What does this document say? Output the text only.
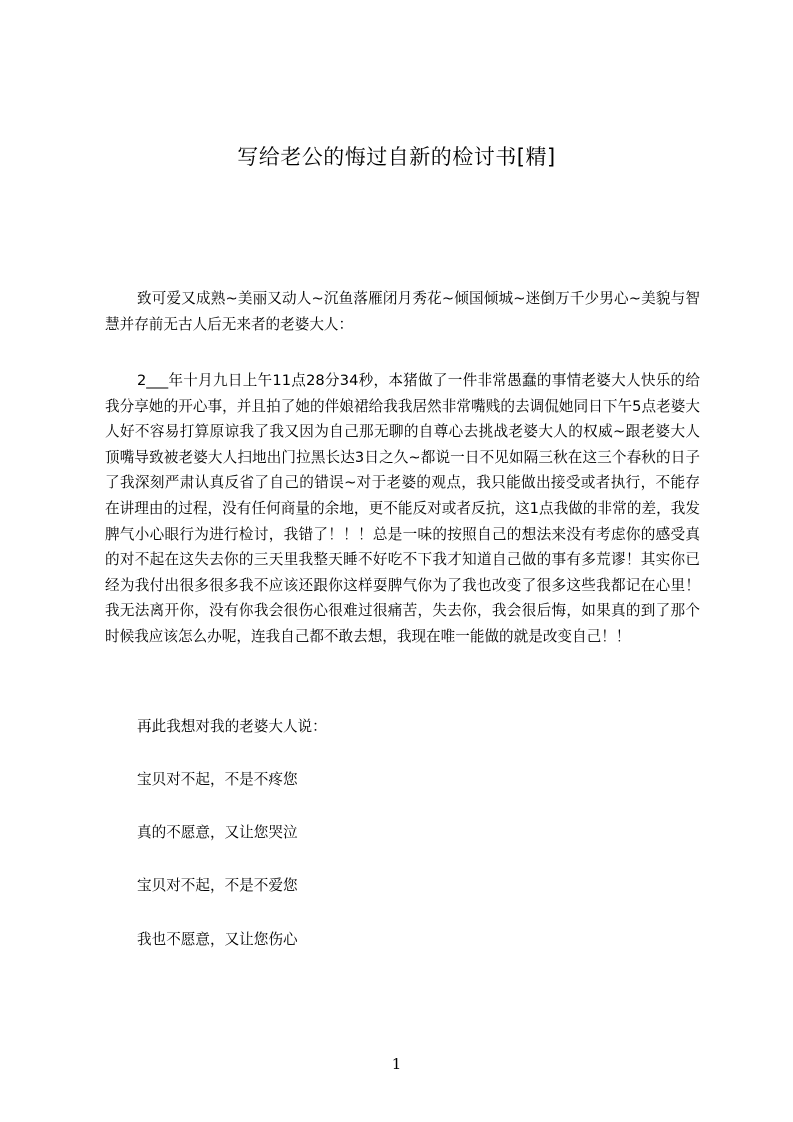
写给老公的悔过自新的检讨书[精]

致可爱又成熟~美丽又动人~沉鱼落雁闭月秀花~倾国倾城~迷倒万千少男心~美貌与智慧并存前无古人后无来者的老婆大人：

2___年十月九日上午11点28分34秒，本猪做了一件非常愚蠢的事情老婆大人快乐的给我分享她的开心事，并且拍了她的伴娘裙给我我居然非常嘴贱的去调侃她同日下午5点老婆大人好不容易打算原谅我了我又因为自己那无聊的自尊心去挑战老婆大人的权威~跟老婆大人顶嘴导致被老婆大人扫地出门拉黑长达3日之久~都说一日不见如隔三秋在这三个春秋的日子了我深刻严肃认真反省了自己的错误~对于老婆的观点，我只能做出接受或者执行，不能存在讲理由的过程，没有任何商量的余地，更不能反对或者反抗，这1点我做的非常的差，我发脾气小心眼行为进行检讨，我错了！！！总是一味的按照自己的想法来没有考虑你的感受真的对不起在这失去你的三天里我整天睡不好吃不下我才知道自己做的事有多荒谬！其实你已经为我付出很多很多我不应该还跟你这样耍脾气你为了我也改变了很多这些我都记在心里！我无法离开你，没有你我会很伤心很难过很痛苦，失去你，我会很后悔，如果真的到了那个时候我应该怎么办呢，连我自己都不敢去想，我现在唯一能做的就是改变自己！！

再此我想对我的老婆大人说：
宝贝对不起，不是不疼您
真的不愿意，又让您哭泣
宝贝对不起，不是不爱您
我也不愿意，又让您伤心
1
